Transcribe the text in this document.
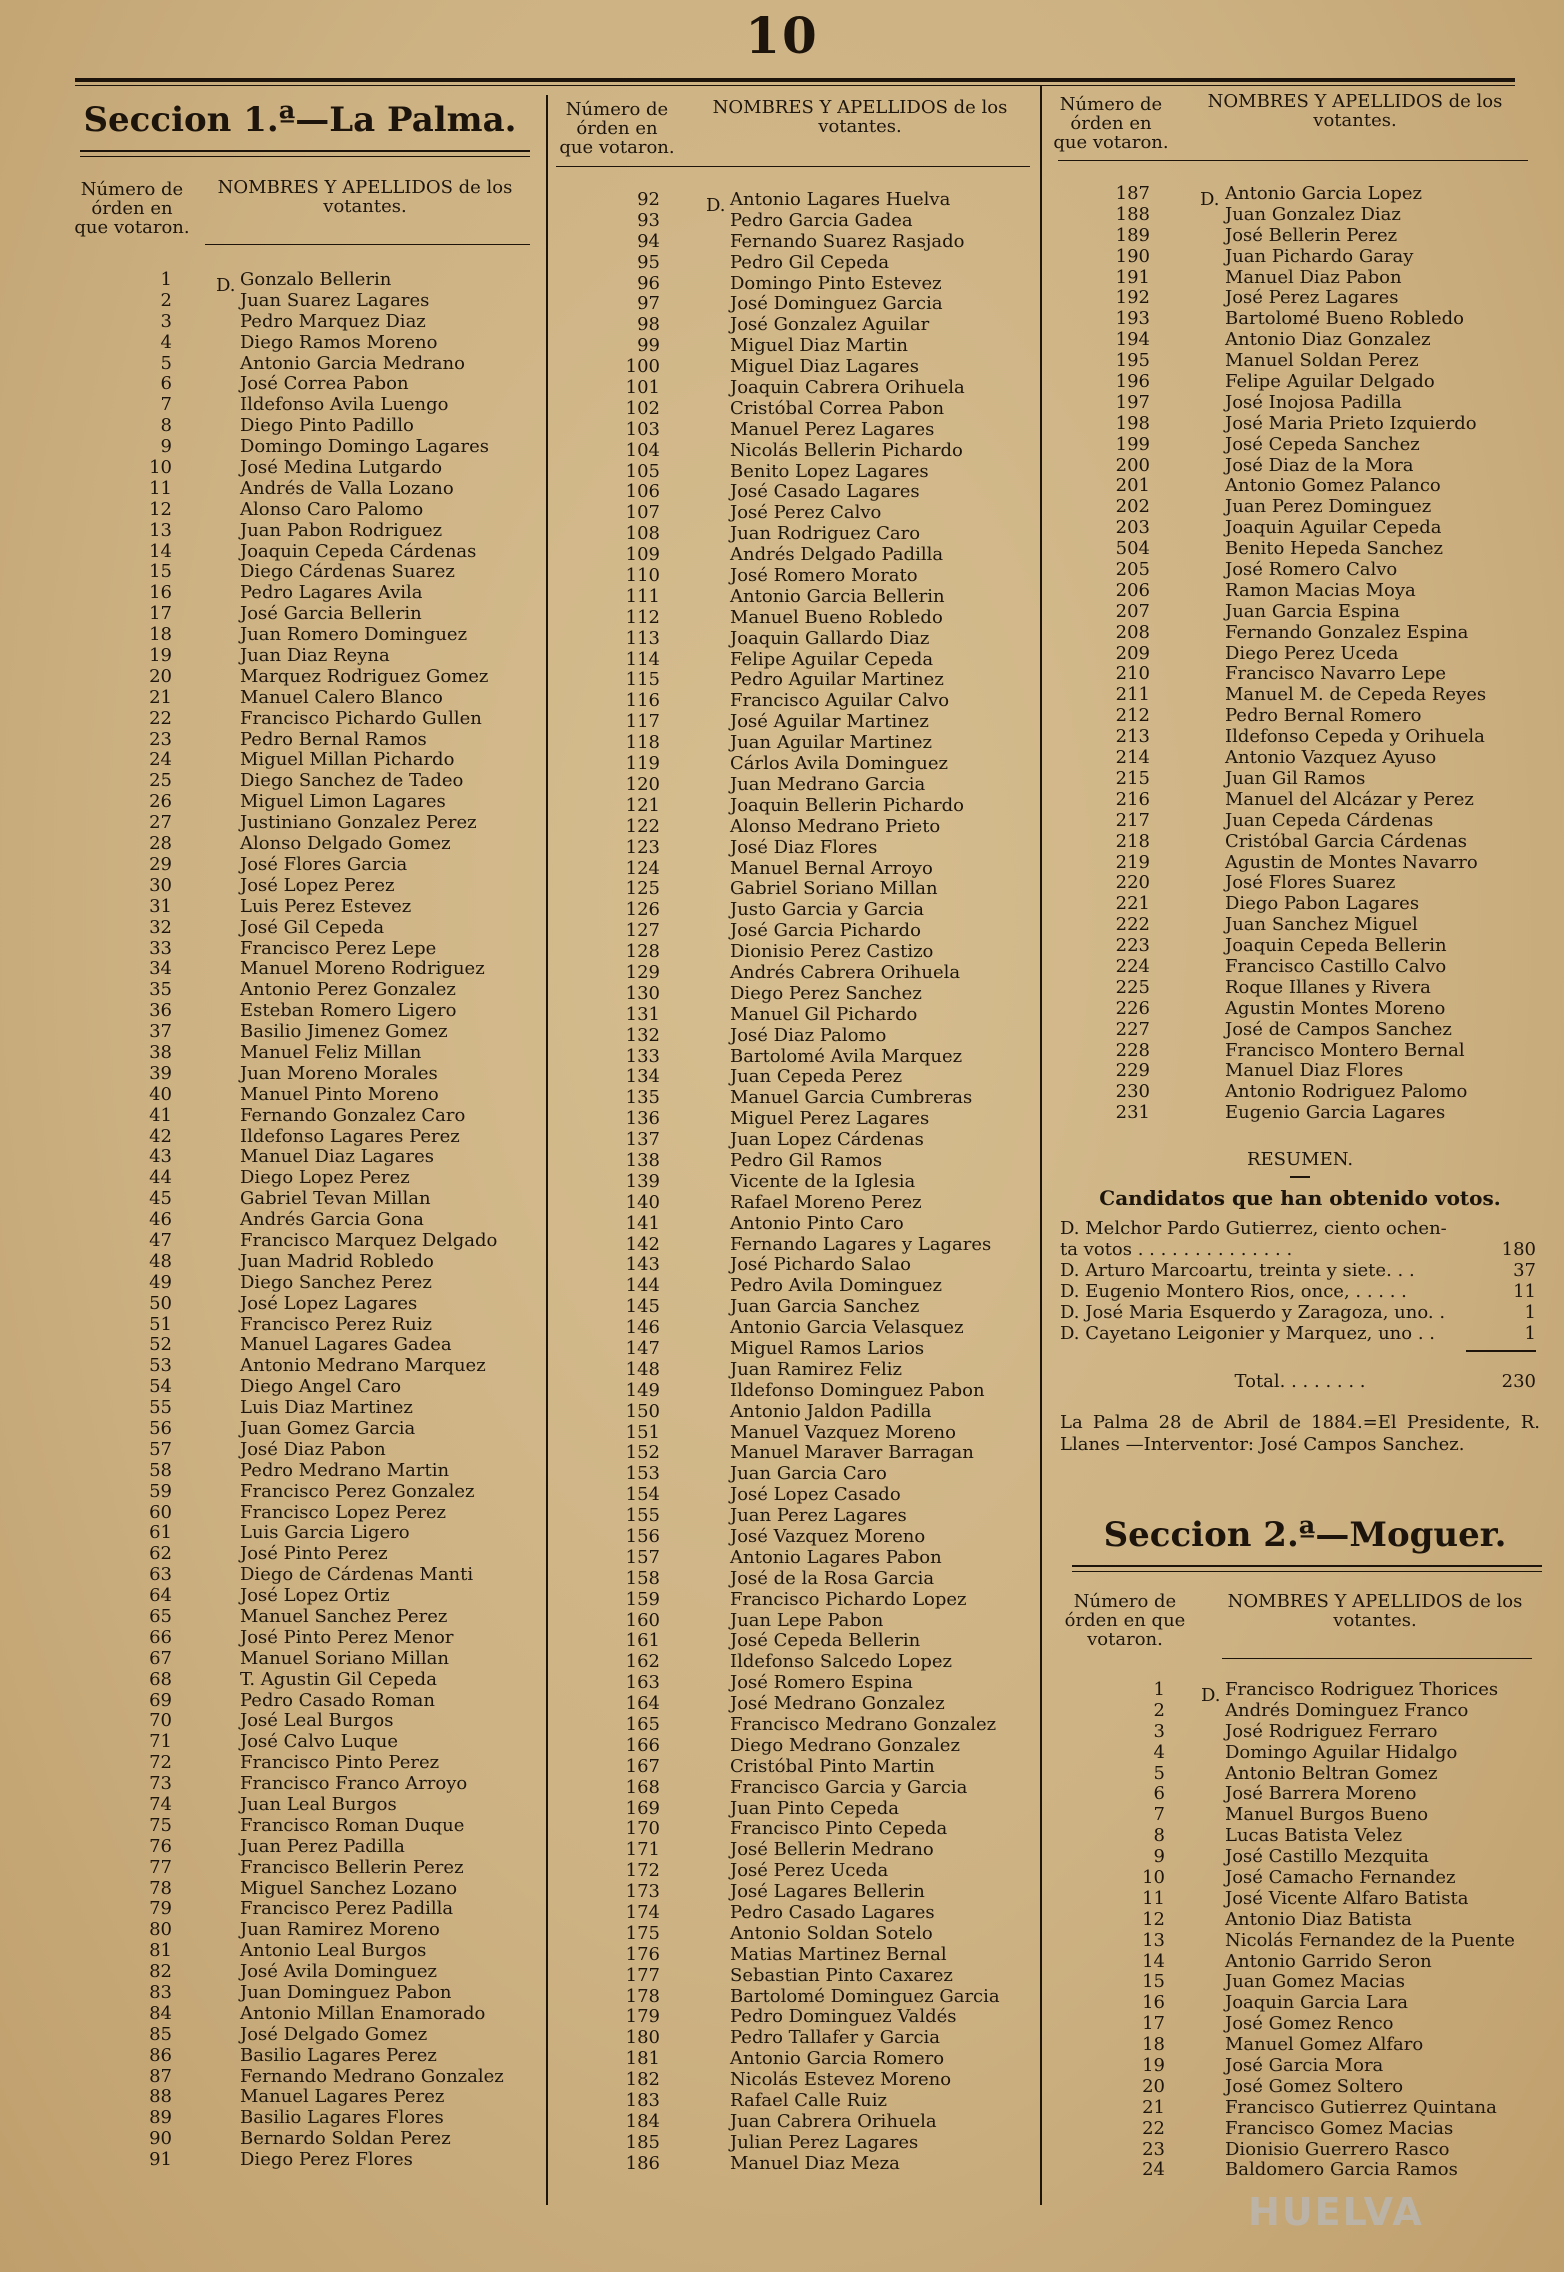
10
Seccion 1.ª—La Palma.
Número de órden en que votaron.
NOMBRES Y APELLIDOS de los votantes.
1 D. Gonzalo Bellerin
2	Juan Suarez Lagares
3	Pedro Marquez Diaz
4	Diego Ramos Moreno
5	Antonio Garcia Medrano
6	José Correa Pabon
7	Ildefonso Avila Luengo
8	Diego Pinto Padillo
9	Domingo Domingo Lagares
10	José Medina Lutgardo
11	Andrés de Valla Lozano
12	Alonso Caro Palomo
13	Juan Pabon Rodriguez
14	Joaquin Cepeda Cárdenas
15	Diego Cárdenas Suarez
16	Pedro Lagares Avila
17	José Garcia Bellerin
18	Juan Romero Dominguez
19	Juan Diaz Reyna
20	Marquez Rodriguez Gomez
21	Manuel Calero Blanco
22	Francisco Pichardo Gullen
23	Pedro Bernal Ramos
24	Miguel Millan Pichardo
25	Diego Sanchez de Tadeo
26	Miguel Limon Lagares
27	Justiniano Gonzalez Perez
28	Alonso Delgado Gomez
29	José Flores Garcia
30	José Lopez Perez
31	Luis Perez Estevez
32	José Gil Cepeda
33	Francisco Perez Lepe
34	Manuel Moreno Rodriguez
35	Antonio Perez Gonzalez
36	Esteban Romero Ligero
37	Basilio Jimenez Gomez
38	Manuel Feliz Millan
39	Juan Moreno Morales
40	Manuel Pinto Moreno
41	Fernando Gonzalez Caro
42	Ildefonso Lagares Perez
43	Manuel Diaz Lagares
44	Diego Lopez Perez
45	Gabriel Tevan Millan
46	Andrés Garcia Gona
47	Francisco Marquez Delgado
48	Juan Madrid Robledo
49	Diego Sanchez Perez
50	José Lopez Lagares
51	Francisco Perez Ruiz
52	Manuel Lagares Gadea
53	Antonio Medrano Marquez
54	Diego Angel Caro
55	Luis Diaz Martinez
56	Juan Gomez Garcia
57	José Diaz Pabon
58	Pedro Medrano Martin
59	Francisco Perez Gonzalez
60	Francisco Lopez Perez
61	Luis Garcia Ligero
62	José Pinto Perez
63	Diego de Cárdenas Manti
64	José Lopez Ortiz
65	Manuel Sanchez Perez
66	José Pinto Perez Menor
67	Manuel Soriano Millan
68	T. Agustin Gil Cepeda
69	Pedro Casado Roman
70	José Leal Burgos
71	José Calvo Luque
72	Francisco Pinto Perez
73	Francisco Franco Arroyo
74	Juan Leal Burgos
75	Francisco Roman Duque
76	Juan Perez Padilla
77	Francisco Bellerin Perez
78	Miguel Sanchez Lozano
79	Francisco Perez Padilla
80	Juan Ramirez Moreno
81	Antonio Leal Burgos
82	José Avila Dominguez
83	Juan Dominguez Pabon
84	Antonio Millan Enamorado
85	José Delgado Gomez
86	Basilio Lagares Perez
87	Fernando Medrano Gonzalez
88	Manuel Lagares Perez
89	Basilio Lagares Flores
90	Bernardo Soldan Perez
91	Diego Perez Flores
Número de órden en que votaron.
NOMBRES Y APELLIDOS de los votantes.
92	D. Antonio Lagares Huelva
93	Pedro Garcia Gadea
94	Fernando Suarez Rasjado
95	Pedro Gil Cepeda
96	Domingo Pinto Estevez
97	José Dominguez Garcia
98	José Gonzalez Aguilar
99	Miguel Diaz Martin
100	Miguel Diaz Lagares
101	Joaquin Cabrera Orihuela
102	Cristóbal Correa Pabon
103	Manuel Perez Lagares
104	Nicolás Bellerin Pichardo
105	Benito Lopez Lagares
106	José Casado Lagares
107	José Perez Calvo
108	Juan Rodriguez Caro
109	Andrés Delgado Padilla
110	José Romero Morato
111	Antonio Garcia Bellerin
112	Manuel Bueno Robledo
113	Joaquin Gallardo Diaz
114	Felipe Aguilar Cepeda
115	Pedro Aguilar Martinez
116	Francisco Aguilar Calvo
117	José Aguilar Martinez
118	Juan Aguilar Martinez
119	Cárlos Avila Dominguez
120	Juan Medrano Garcia
121	Joaquin Bellerin Pichardo
122	Alonso Medrano Prieto
123	José Diaz Flores
124	Manuel Bernal Arroyo
125	Gabriel Soriano Millan
126	Justo Garcia y Garcia
127	José Garcia Pichardo
128	Dionisio Perez Castizo
129	Andrés Cabrera Orihuela
130	Diego Perez Sanchez
131	Manuel Gil Pichardo
132	José Diaz Palomo
133	Bartolomé Avila Marquez
134	Juan Cepeda Perez
135	Manuel Garcia Cumbreras
136	Miguel Perez Lagares
137	Juan Lopez Cárdenas
138	Pedro Gil Ramos
139	Vicente de la Iglesia
140	Rafael Moreno Perez
141	Antonio Pinto Caro
142	Fernando Lagares y Lagares
143	José Pichardo Salao
144	Pedro Avila Dominguez
145	Juan Garcia Sanchez
146	Antonio Garcia Velasquez
147	Miguel Ramos Larios
148	Juan Ramirez Feliz
149	Ildefonso Dominguez Pabon
150	Antonio Jaldon Padilla
151	Manuel Vazquez Moreno
152	Manuel Maraver Barragan
153	Juan Garcia Caro
154	José Lopez Casado
155	Juan Perez Lagares
156	José Vazquez Moreno
157	Antonio Lagares Pabon
158	José de la Rosa Garcia
159	Francisco Pichardo Lopez
160	Juan Lepe Pabon
161	José Cepeda Bellerin
162	Ildefonso Salcedo Lopez
163	José Romero Espina
164	José Medrano Gonzalez
165	Francisco Medrano Gonzalez
166	Diego Medrano Gonzalez
167	Cristóbal Pinto Martin
168	Francisco Garcia y Garcia
169	Juan Pinto Cepeda
170	Francisco Pinto Cepeda
171	José Bellerin Medrano
172	José Perez Uceda
173	José Lagares Bellerin
174	Pedro Casado Lagares
175	Antonio Soldan Sotelo
176	Matias Martinez Bernal
177	Sebastian Pinto Caxarez
178	Bartolomé Dominguez Garcia
179	Pedro Dominguez Valdés
180	Pedro Tallafer y Garcia
181	Antonio Garcia Romero
182	Nicolás Estevez Moreno
183	Rafael Calle Ruiz
184	Juan Cabrera Orihuela
185	Julian Perez Lagares
186	Manuel Diaz Meza
Número de órden en que votaron.
NOMBRES Y APELLIDOS de los votantes.
187	D. Antonio Garcia Lopez
188	Juan Gonzalez Diaz
189	José Bellerin Perez
190	Juan Pichardo Garay
191	Manuel Diaz Pabon
192	José Perez Lagares
193	Bartolomé Bueno Robledo
194	Antonio Diaz Gonzalez
195	Manuel Soldan Perez
196	Felipe Aguilar Delgado
197	José Inojosa Padilla
198	José Maria Prieto Izquierdo
199	José Cepeda Sanchez
200	José Diaz de la Mora
201	Antonio Gomez Palanco
202	Juan Perez Dominguez
203	Joaquin Aguilar Cepeda
504	Benito Hepeda Sanchez
205	José Romero Calvo
206	Ramon Macias Moya
207	Juan Garcia Espina
208	Fernando Gonzalez Espina
209	Diego Perez Uceda
210	Francisco Navarro Lepe
211	Manuel M. de Cepeda Reyes
212	Pedro Bernal Romero
213	Ildefonso Cepeda y Orihuela
214	Antonio Vazquez Ayuso
215	Juan Gil Ramos
216	Manuel del Alcázar y Perez
217	Juan Cepeda Cárdenas
218	Cristóbal Garcia Cárdenas
219	Agustin de Montes Navarro
220	José Flores Suarez
221	Diego Pabon Lagares
222	Juan Sanchez Miguel
223	Joaquin Cepeda Bellerin
224	Francisco Castillo Calvo
225	Roque Illanes y Rivera
226	Agustin Montes Moreno
227	José de Campos Sanchez
228	Francisco Montero Bernal
229	Manuel Diaz Flores
230	Antonio Rodriguez Palomo
231	Eugenio Garcia Lagares
RESUMEN.
Candidatos que han obtenido votos.
D. Melchor Pardo Gutierrez, ciento ochen-
ta votos . . . . . . . . . . . . . .	180
D. Arturo Marcoartu, treinta y siete. . .	37
D. Eugenio Montero Rios, once, . . . . .	11
D. José Maria Esquerdo y Zaragoza, uno. .	1
D. Cayetano Leigonier y Marquez, uno . .	1
Total. . . . . . . .	230
La Palma 28 de Abril de 1884.=El Presidente, R. Llanes —Interventor: José Campos Sanchez.
Seccion 2.ª—Moguer.
Número de órden en que votaron.
NOMBRES Y APELLIDOS de los votantes.
1 D. Francisco Rodriguez Thorices
2	Andrés Dominguez Franco
3	José Rodriguez Ferraro
4	Domingo Aguilar Hidalgo
5	Antonio Beltran Gomez
6	José Barrera Moreno
7	Manuel Burgos Bueno
8	Lucas Batista Velez
9	José Castillo Mezquita
10	José Camacho Fernandez
11	José Vicente Alfaro Batista
12	Antonio Diaz Batista
13	Nicolás Fernandez de la Puente
14	Antonio Garrido Seron
15	Juan Gomez Macias
16	Joaquin Garcia Lara
17	José Gomez Renco
18	Manuel Gomez Alfaro
19	José Garcia Mora
20	José Gomez Soltero
21	Francisco Gutierrez Quintana
22	Francisco Gomez Macias
23	Dionisio Guerrero Rasco
24	Baldomero Garcia Ramos
HUELVA
